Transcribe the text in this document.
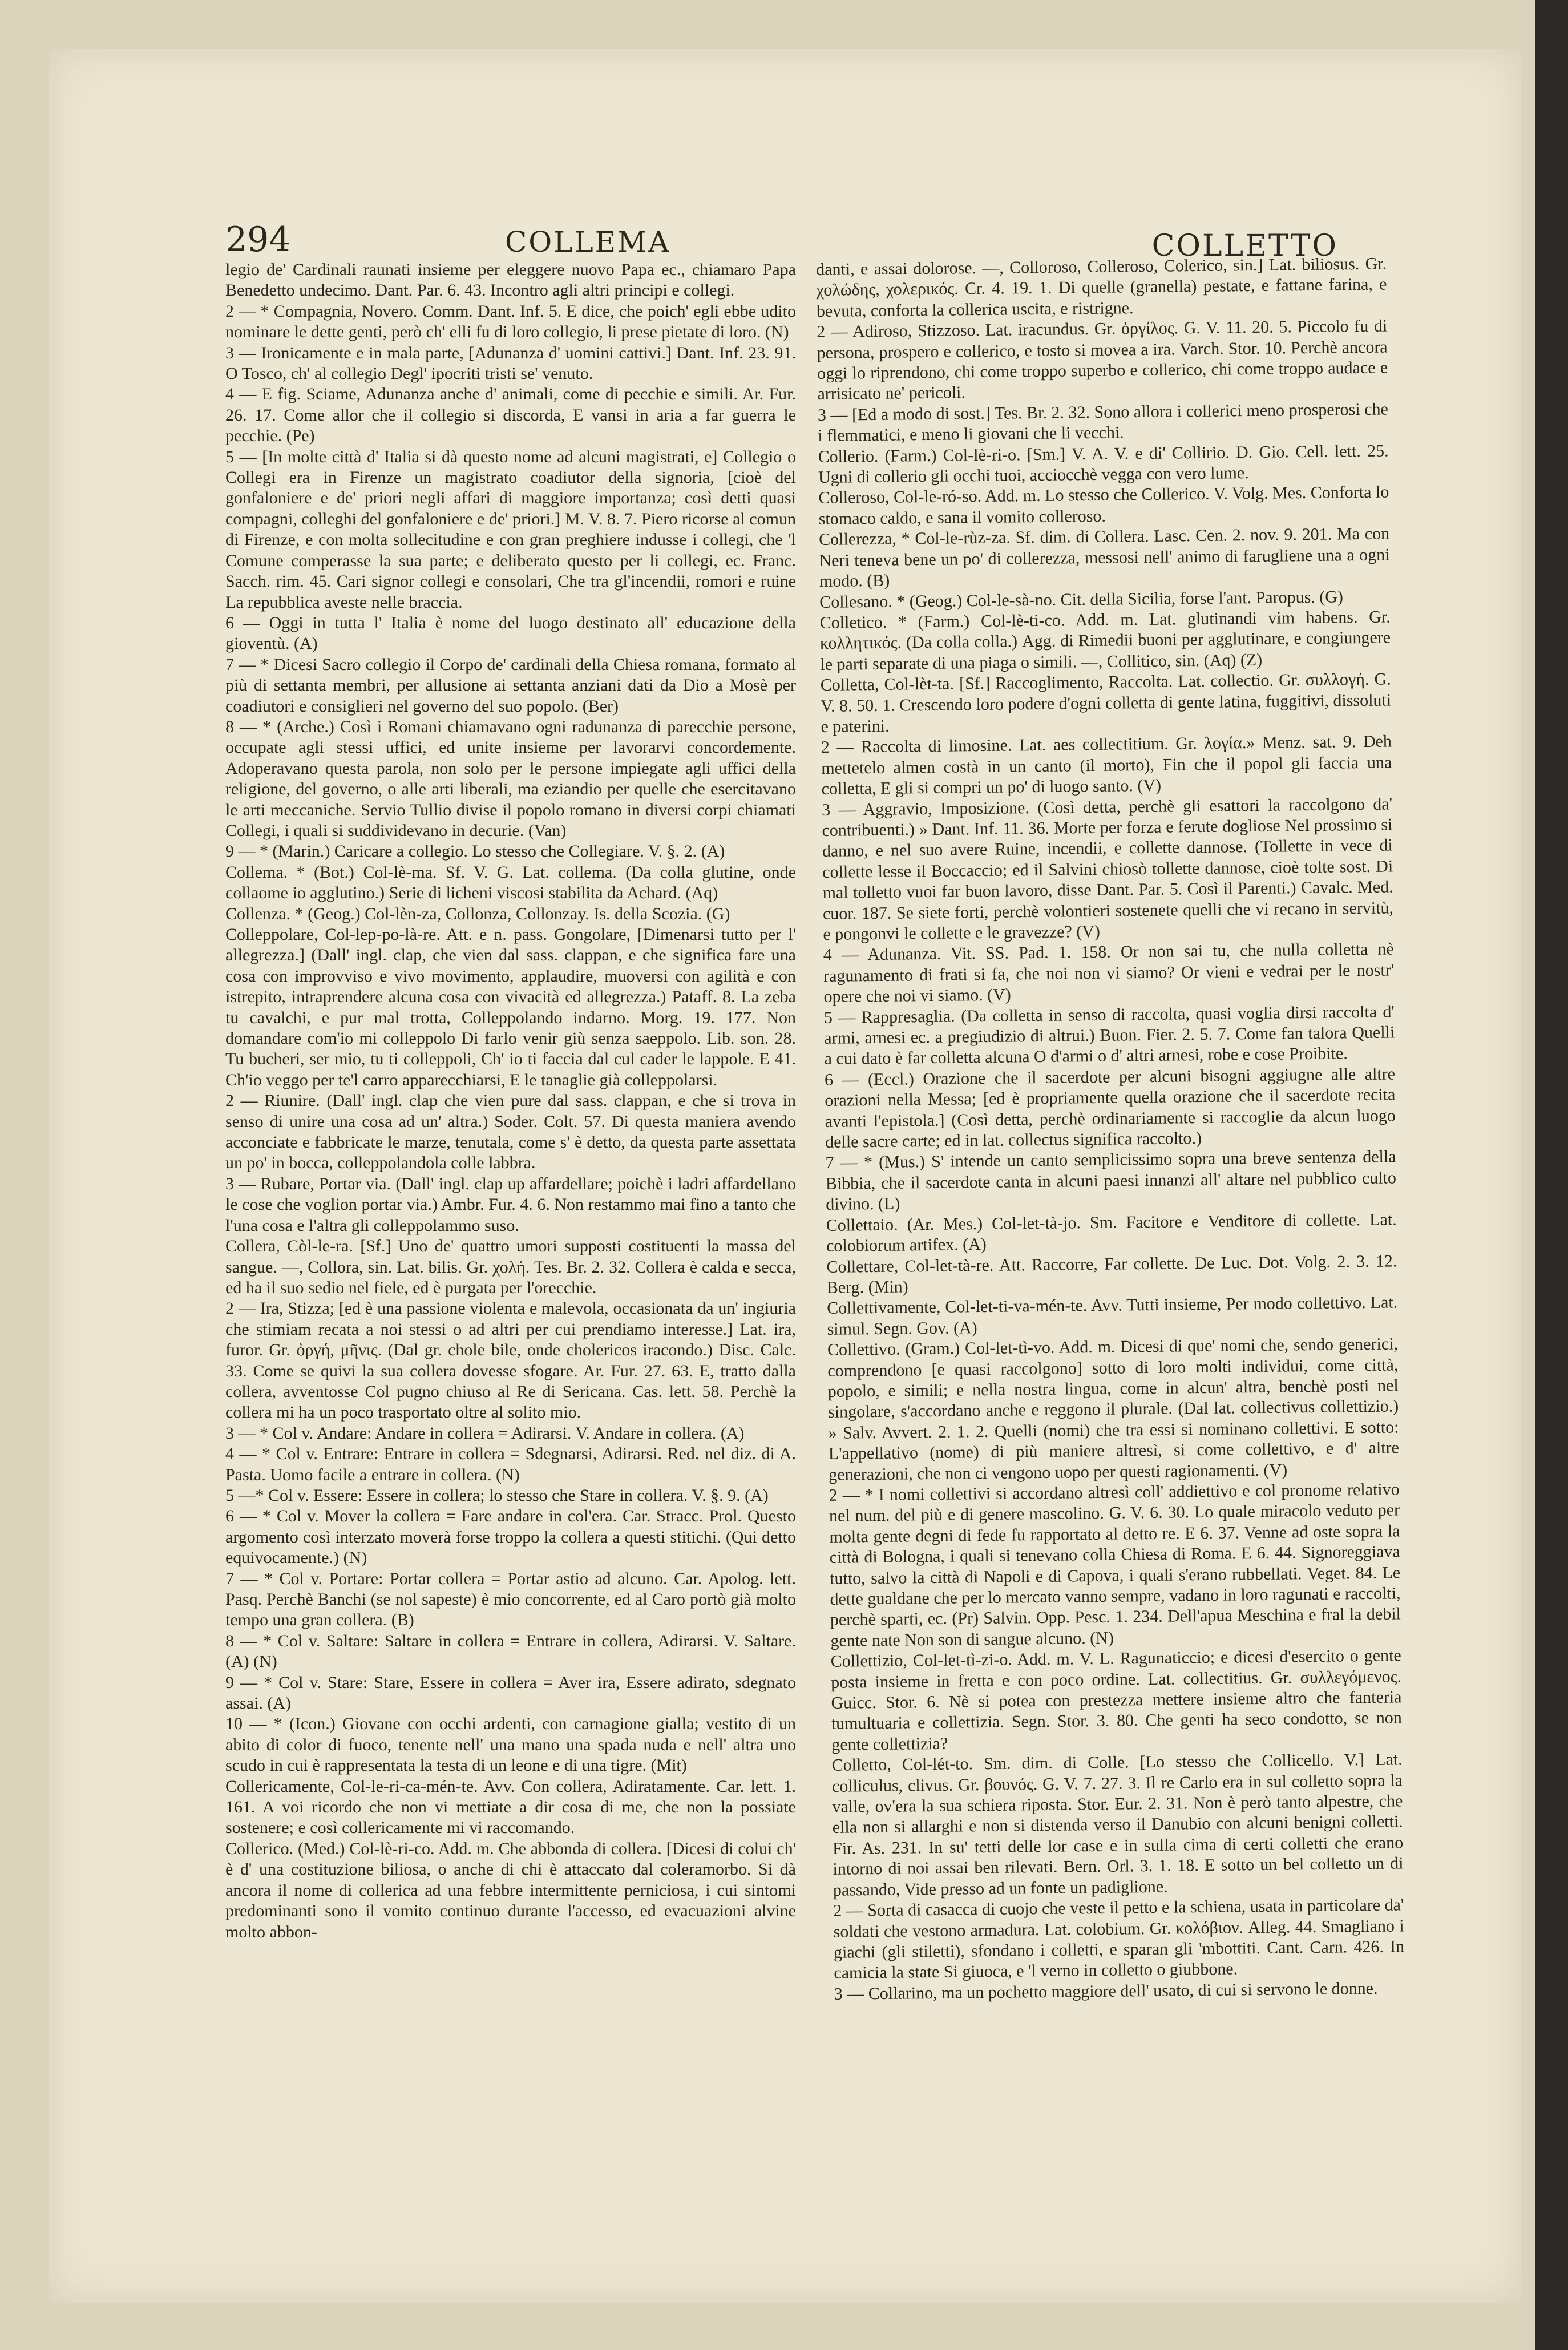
294	COLLEMA	COLLETTO

legio de' Cardinali raunati insieme per eleggere nuovo Papa ec., chiamaro Papa Benedetto undecimo. Dant. Par. 6. 43. Incontro agli altri principi e collegi.

2 — * Compagnia, Novero. Comm. Dant. Inf. 5. E dice, che poich' egli ebbe udito nominare le dette genti, però ch' elli fu di loro collegio, li prese pietate di loro. (N)

3 — Ironicamente e in mala parte, [Adunanza d' uomini cattivi.] Dant. Inf. 23. 91. O Tosco, ch' al collegio Degl' ipocriti tristi se' venuto.

4 — E fig. Sciame, Adunanza anche d' animali, come di pecchie e simili. Ar. Fur. 26. 17. Come allor che il collegio si discorda, E vansi in aria a far guerra le pecchie. (Pe)

5 — [In molte città d' Italia si dà questo nome ad alcuni magistrati, e] Collegio o Collegi era in Firenze un magistrato coadiutor della signoria, [cioè del gonfaloniere e de' priori negli affari di maggiore importanza; così detti quasi compagni, colleghi del gonfaloniere e de' priori.] M. V. 8. 7. Piero ricorse al comun di Firenze, e con molta sollecitudine e con gran preghiere indusse i collegi, che 'l Comune comperasse la sua parte; e deliberato questo per li collegi, ec. Franc. Sacch. rim. 45. Cari signor collegi e consolari, Che tra gl'incendii, romori e ruine La repubblica aveste nelle braccia.

6 — Oggi in tutta l' Italia è nome del luogo destinato all' educazione della gioventù. (A)

7 — * Dicesi Sacro collegio il Corpo de' cardinali della Chiesa romana, formato al più di settanta membri, per allusione ai settanta anziani dati da Dio a Mosè per coadiutori e consiglieri nel governo del suo popolo. (Ber)

8 — * (Arche.) Così i Romani chiamavano ogni radunanza di parecchie persone, occupate agli stessi uffici, ed unite insieme per lavorarvi concordemente. Adoperavano questa parola, non solo per le persone impiegate agli uffici della religione, del governo, o alle arti liberali, ma eziandio per quelle che esercitavano le arti meccaniche. Servio Tullio divise il popolo romano in diversi corpi chiamati Collegi, i quali si suddividevano in decurie. (Van)

9 — * (Marin.) Caricare a collegio. Lo stesso che Collegiare. V. §. 2. (A)

Collema. * (Bot.) Col-lè-ma. Sf. V. G. Lat. collema. (Da colla glutine, onde collaome io agglutino.) Serie di licheni viscosi stabilita da Achard. (Aq)

Collenza. * (Geog.) Col-lèn-za, Collonza, Collonzay. Is. della Scozia. (G)

Colleppolare, Col-lep-po-là-re. Att. e n. pass. Gongolare, [Dimenarsi tutto per l' allegrezza.] (Dall' ingl. clap, che vien dal sass. clappan, e che significa fare una cosa con improvviso e vivo movimento, applaudire, muoversi con agilità e con istrepito, intraprendere alcuna cosa con vivacità ed allegrezza.) Pataff. 8. La zeba tu cavalchi, e pur mal trotta, Colleppolando indarno. Morg. 19. 177. Non domandare com'io mi colleppolo Di farlo venir giù senza saeppolo. Lib. son. 28. Tu bucheri, ser mio, tu ti colleppoli, Ch' io ti faccia dal cul cader le lappole. E 41. Ch'io veggo per te'l carro apparecchiarsi, E le tanaglie già colleppolarsi.

2 — Riunire. (Dall' ingl. clap che vien pure dal sass. clappan, e che si trova in senso di unire una cosa ad un' altra.) Soder. Colt. 57. Di questa maniera avendo acconciate e fabbricate le marze, tenutala, come s' è detto, da questa parte assettata un po' in bocca, colleppolandola colle labbra.

3 — Rubare, Portar via. (Dall' ingl. clap up affardellare; poichè i ladri affardellano le cose che voglion portar via.) Ambr. Fur. 4. 6. Non restammo mai fino a tanto che l'una cosa e l'altra gli colleppolammo suso.

Collera, Còl-le-ra. [Sf.] Uno de' quattro umori supposti costituenti la massa del sangue. —, Collora, sin. Lat. bilis. Gr. χολή. Tes. Br. 2. 32. Collera è calda e secca, ed ha il suo sedio nel fiele, ed è purgata per l'orecchie.

2 — Ira, Stizza; [ed è una passione violenta e malevola, occasionata da un' ingiuria che stimiam recata a noi stessi o ad altri per cui prendiamo interesse.] Lat. ira, furor. Gr. ὀργή, μῆνις. (Dal gr. chole bile, onde cholericos iracondo.) Disc. Calc. 33. Come se quivi la sua collera dovesse sfogare. Ar. Fur. 27. 63. E, tratto dalla collera, avventosse Col pugno chiuso al Re di Sericana. Cas. lett. 58. Perchè la collera mi ha un poco trasportato oltre al solito mio.

3 — * Col v. Andare: Andare in collera = Adirarsi. V. Andare in collera. (A)

4 — * Col v. Entrare: Entrare in collera = Sdegnarsi, Adirarsi. Red. nel diz. di A. Pasta. Uomo facile a entrare in collera. (N)

5 —* Col v. Essere: Essere in collera; lo stesso che Stare in collera. V. §. 9. (A)

6 — * Col v. Mover la collera = Fare andare in col'era. Car. Stracc. Prol. Questo argomento così interzato moverà forse troppo la collera a questi stitichi. (Qui detto equivocamente.) (N)

7 — * Col v. Portare: Portar collera = Portar astio ad alcuno. Car. Apolog. lett. Pasq. Perchè Banchi (se nol sapeste) è mio concorrente, ed al Caro portò già molto tempo una gran collera. (B)

8 — * Col v. Saltare: Saltare in collera = Entrare in collera, Adirarsi. V. Saltare. (A) (N)

9 — * Col v. Stare: Stare, Essere in collera = Aver ira, Essere adirato, sdegnato assai. (A)

10 — * (Icon.) Giovane con occhi ardenti, con carnagione gialla; vestito di un abito di color di fuoco, tenente nell' una mano una spada nuda e nell' altra uno scudo in cui è rappresentata la testa di un leone e di una tigre. (Mit)

Collericamente, Col-le-ri-ca-mén-te. Avv. Con collera, Adiratamente. Car. lett. 1. 161. A voi ricordo che non vi mettiate a dir cosa di me, che non la possiate sostenere; e così collericamente mi vi raccomando.

Collerico. (Med.) Col-lè-ri-co. Add. m. Che abbonda di collera. [Dicesi di colui ch' è d' una costituzione biliosa, o anche di chi è attaccato dal coleramorbo. Si dà ancora il nome di collerica ad una febbre intermittente perniciosa, i cui sintomi predominanti sono il vomito continuo durante l'accesso, ed evacuazioni alvine molto abbon-

danti, e assai dolorose. —, Colloroso, Colleroso, Colerico, sin.] Lat. biliosus. Gr. χολώδης, χολερικός. Cr. 4. 19. 1. Di quelle (granella) pestate, e fattane farina, e bevuta, conforta la collerica uscita, e ristrigne.

2 — Adiroso, Stizzoso. Lat. iracundus. Gr. ὀργίλος. G. V. 11. 20. 5. Piccolo fu di persona, prospero e collerico, e tosto si movea a ira. Varch. Stor. 10. Perchè ancora oggi lo riprendono, chi come troppo superbo e collerico, chi come troppo audace e arrisicato ne' pericoli.

3 — [Ed a modo di sost.] Tes. Br. 2. 32. Sono allora i collerici meno prosperosi che i flemmatici, e meno li giovani che li vecchi.

Collerio. (Farm.) Col-lè-ri-o. [Sm.] V. A. V. e di' Collirio. D. Gio. Cell. lett. 25. Ugni di collerio gli occhi tuoi, acciocchè vegga con vero lume.

Colleroso, Col-le-ró-so. Add. m. Lo stesso che Collerico. V. Volg. Mes. Conforta lo stomaco caldo, e sana il vomito colleroso.

Collerezza, * Col-le-rùz-za. Sf. dim. di Collera. Lasc. Cen. 2. nov. 9. 201. Ma con Neri teneva bene un po' di collerezza, messosi nell' animo di farugliene una a ogni modo. (B)

Collesano. * (Geog.) Col-le-sà-no. Cit. della Sicilia, forse l'ant. Paropus. (G)

Colletico. * (Farm.) Col-lè-ti-co. Add. m. Lat. glutinandi vim habens. Gr. κολλητικός. (Da colla colla.) Agg. di Rimedii buoni per agglutinare, e congiungere le parti separate di una piaga o simili. —, Collitico, sin. (Aq) (Z)

Colletta, Col-lèt-ta. [Sf.] Raccoglimento, Raccolta. Lat. collectio. Gr. συλλογή. G. V. 8. 50. 1. Crescendo loro podere d'ogni colletta di gente latina, fuggitivi, dissoluti e paterini.

2 — Raccolta di limosine. Lat. aes collectitium. Gr. λογία.» Menz. sat. 9. Deh mettetelo almen costà in un canto (il morto), Fin che il popol gli faccia una colletta, E gli si compri un po' di luogo santo. (V)

3 — Aggravio, Imposizione. (Così detta, perchè gli esattori la raccolgono da' contribuenti.) » Dant. Inf. 11. 36. Morte per forza e ferute dogliose Nel prossimo si danno, e nel suo avere Ruine, incendii, e collette dannose. (Tollette in vece di collette lesse il Boccaccio; ed il Salvini chiosò tollette dannose, cioè tolte sost. Di mal tolletto vuoi far buon lavoro, disse Dant. Par. 5. Così il Parenti.) Cavalc. Med. cuor. 187. Se siete forti, perchè volontieri sostenete quelli che vi recano in servitù, e pongonvi le collette e le gravezze? (V)

4 — Adunanza. Vit. SS. Pad. 1. 158. Or non sai tu, che nulla colletta nè ragunamento di frati si fa, che noi non vi siamo? Or vieni e vedrai per le nostr' opere che noi vi siamo. (V)

5 — Rappresaglia. (Da colletta in senso di raccolta, quasi voglia dirsi raccolta d' armi, arnesi ec. a pregiudizio di altrui.) Buon. Fier. 2. 5. 7. Come fan talora Quelli a cui dato è far colletta alcuna O d'armi o d' altri arnesi, robe e cose Proibite.

6 — (Eccl.) Orazione che il sacerdote per alcuni bisogni aggiugne alle altre orazioni nella Messa; [ed è propriamente quella orazione che il sacerdote recita avanti l'epistola.] (Così detta, perchè ordinariamente si raccoglie da alcun luogo delle sacre carte; ed in lat. collectus significa raccolto.)

7 — * (Mus.) S' intende un canto semplicissimo sopra una breve sentenza della Bibbia, che il sacerdote canta in alcuni paesi innanzi all' altare nel pubblico culto divino. (L)

Collettaio. (Ar. Mes.) Col-let-tà-jo. Sm. Facitore e Venditore di collette. Lat. colobiorum artifex. (A)

Collettare, Col-let-tà-re. Att. Raccorre, Far collette. De Luc. Dot. Volg. 2. 3. 12. Berg. (Min)

Collettivamente, Col-let-ti-va-mén-te. Avv. Tutti insieme, Per modo collettivo. Lat. simul. Segn. Gov. (A)

Collettivo. (Gram.) Col-let-tì-vo. Add. m. Dicesi di que' nomi che, sendo generici, comprendono [e quasi raccolgono] sotto di loro molti individui, come città, popolo, e simili; e nella nostra lingua, come in alcun' altra, benchè posti nel singolare, s'accordano anche e reggono il plurale. (Dal lat. collectivus collettizio.) » Salv. Avvert. 2. 1. 2. Quelli (nomi) che tra essi si nominano collettivi. E sotto: L'appellativo (nome) di più maniere altresì, si come collettivo, e d' altre generazioni, che non ci vengono uopo per questi ragionamenti. (V)

2 — * I nomi collettivi si accordano altresì coll' addiettivo e col pronome relativo nel num. del più e di genere mascolino. G. V. 6. 30. Lo quale miracolo veduto per molta gente degni di fede fu rapportato al detto re. E 6. 37. Venne ad oste sopra la città di Bologna, i quali si tenevano colla Chiesa di Roma. E 6. 44. Signoreggiava tutto, salvo la città di Napoli e di Capova, i quali s'erano rubbellati. Veget. 84. Le dette gualdane che per lo mercato vanno sempre, vadano in loro ragunati e raccolti, perchè sparti, ec. (Pr) Salvin. Opp. Pesc. 1. 234. Dell'apua Meschina e fral la debil gente nate Non son di sangue alcuno. (N)

Collettizio, Col-let-tì-zi-o. Add. m. V. L. Ragunaticcio; e dicesi d'esercito o gente posta insieme in fretta e con poco ordine. Lat. collectitius. Gr. συλλεγόμενος. Guicc. Stor. 6. Nè si potea con prestezza mettere insieme altro che fanteria tumultuaria e collettizia. Segn. Stor. 3. 80. Che genti ha seco condotto, se non gente collettizia?

Colletto, Col-lét-to. Sm. dim. di Colle. [Lo stesso che Collicello. V.] Lat. colliculus, clivus. Gr. βουνός. G. V. 7. 27. 3. Il re Carlo era in sul colletto sopra la valle, ov'era la sua schiera riposta. Stor. Eur. 2. 31. Non è però tanto alpestre, che ella non si allarghi e non si distenda verso il Danubio con alcuni benigni colletti. Fir. As. 231. In su' tetti delle lor case e in sulla cima di certi colletti che erano intorno di noi assai ben rilevati. Bern. Orl. 3. 1. 18. E sotto un bel colletto un di passando, Vide presso ad un fonte un padiglione.

2 — Sorta di casacca di cuojo che veste il petto e la schiena, usata in particolare da' soldati che vestono armadura. Lat. colobium. Gr. κολόβιον. Alleg. 44. Smagliano i giachi (gli stiletti), sfondano i colletti, e sparan gli 'mbottiti. Cant. Carn. 426. In camicia la state Si giuoca, e 'l verno in colletto o giubbone.

3 — Collarino, ma un pochetto maggiore dell' usato, di cui si servono le donne.
